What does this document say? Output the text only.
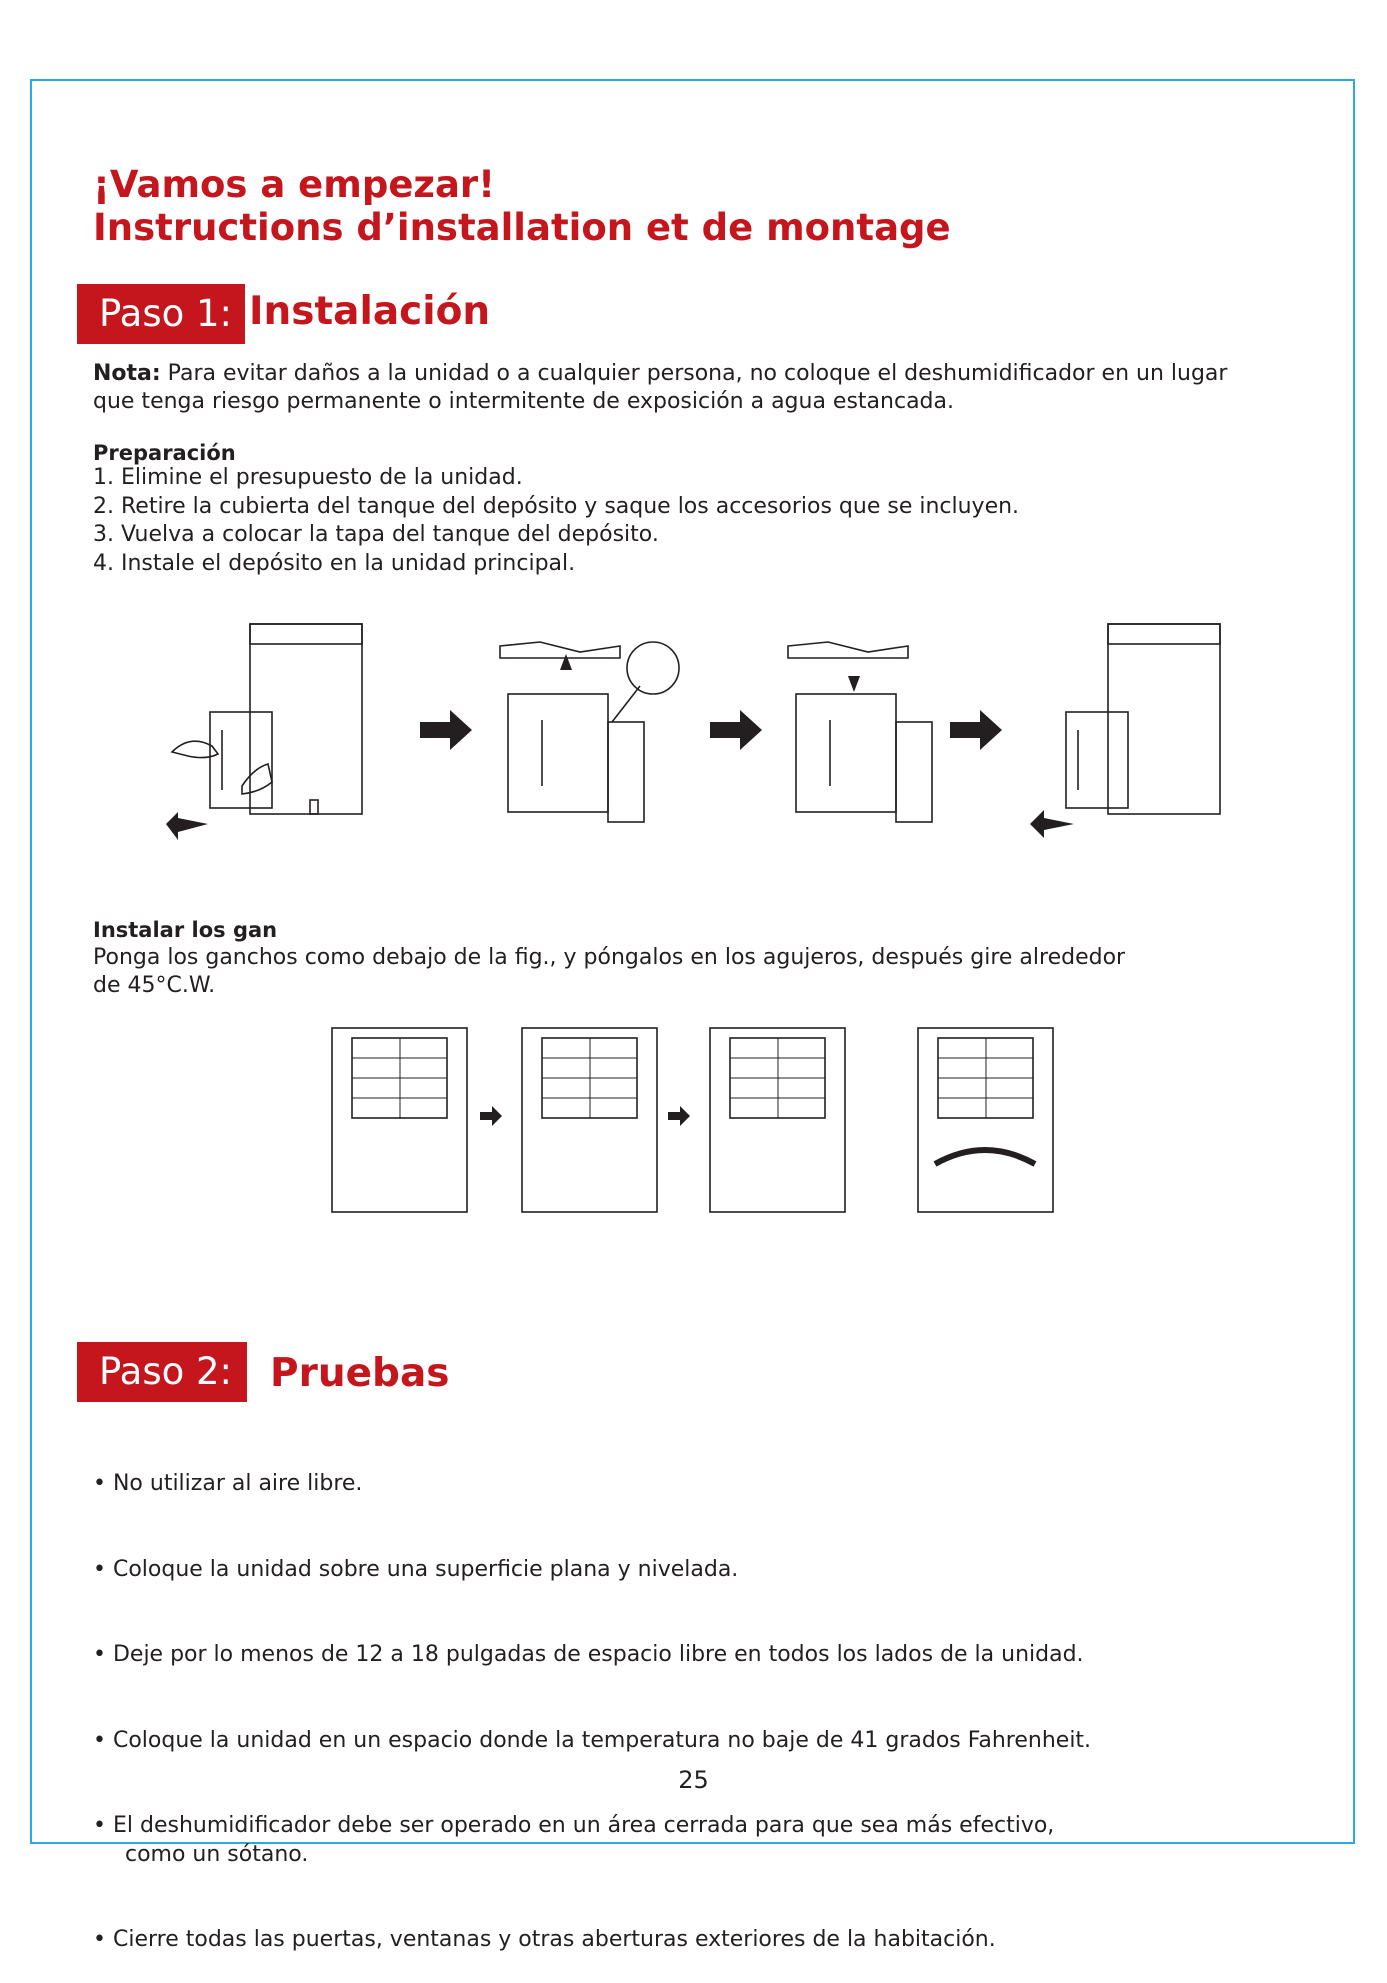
¡Vamos a empezar!
Instructions d’installation et de montage
Paso 1: Instalación
Nota: Para evitar daños a la unidad o a cualquier persona, no coloque el deshumidificador en un lugar
que tenga riesgo permanente o intermitente de exposición a agua estancada.
Preparación
1. Elimine el presupuesto de la unidad.
2. Retire la cubierta del tanque del depósito y saque los accesorios que se incluyen.
3. Vuelva a colocar la tapa del tanque del depósito.
4. Instale el depósito en la unidad principal.
Instalar los gan
Ponga los ganchos como debajo de la fig., y póngalos en los agujeros, después gire alrededor
de 45°C.W.
Paso 2: Pruebas

• No utilizar al aire libre.

• Coloque la unidad sobre una superficie plana y nivelada.

• Deje por lo menos de 12 a 18 pulgadas de espacio libre en todos los lados de la unidad.

• Coloque la unidad en un espacio donde la temperatura no baje de 41 grados Fahrenheit.

• El deshumidificador debe ser operado en un área cerrada para que sea más efectivo,
como un sótano.

• Cierre todas las puertas, ventanas y otras aberturas exteriores de la habitación.

25
